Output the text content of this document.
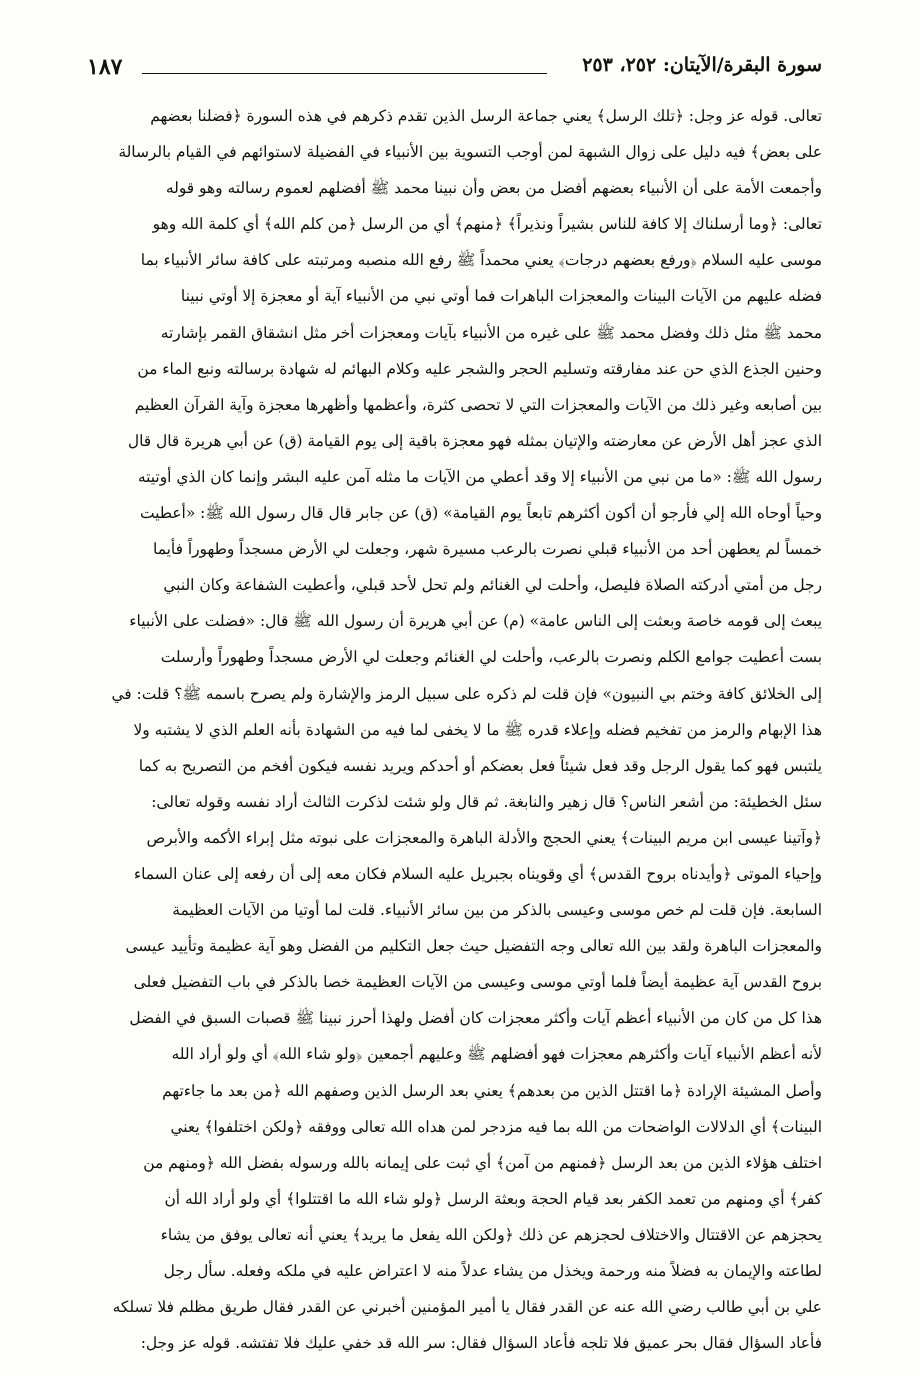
١٨٧	سورة البقرة/الآيتان: ٢٥٢، ٢٥٣
تعالى. قوله عز وجل: ﴿تلك الرسل﴾ يعني جماعة الرسل الذين تقدم ذكرهم في هذه السورة ﴿فضلنا بعضهم
على بعض﴾ فيه دليل على زوال الشبهة لمن أوجب التسوية بين الأنبياء في الفضيلة لاستوائهم في القيام بالرسالة
وأجمعت الأمة على أن الأنبياء بعضهم أفضل من بعض وأن نبينا محمد ﷺ أفضلهم لعموم رسالته وهو قوله
تعالى: ﴿وما أرسلناك إلا كافة للناس بشيراً ونذيراً﴾ ﴿منهم﴾ أي من الرسل ﴿من كلم الله﴾ أي كلمة الله وهو
موسى عليه السلام ﴿ورفع بعضهم درجات﴾ يعني محمداً ﷺ رفع الله منصبه ومرتبته على كافة سائر الأنبياء بما
فضله عليهم من الآيات البينات والمعجزات الباهرات فما أوتي نبي من الأنبياء آية أو معجزة إلا أوتي نبينا
محمد ﷺ مثل ذلك وفضل محمد ﷺ على غيره من الأنبياء بآيات ومعجزات أخر مثل انشقاق القمر بإشارته
وحنين الجذع الذي حن عند مفارقته وتسليم الحجر والشجر عليه وكلام البهائم له شهادة برسالته ونبع الماء من
بين أصابعه وغير ذلك من الآيات والمعجزات التي لا تحصى كثرة، وأعظمها وأظهرها معجزة وآية القرآن العظيم
الذي عجز أهل الأرض عن معارضته والإتيان بمثله فهو معجزة باقية إلى يوم القيامة (ق) عن أبي هريرة قال قال
رسول الله ﷺ: «ما من نبي من الأنبياء إلا وقد أعطي من الآيات ما مثله آمن عليه البشر وإنما كان الذي أوتيته
وحياً أوحاه الله إلي فأرجو أن أكون أكثرهم تابعاً يوم القيامة» (ق) عن جابر قال قال رسول الله ﷺ: «أعطيت
خمساً لم يعطهن أحد من الأنبياء قبلي نصرت بالرعب مسيرة شهر، وجعلت لي الأرض مسجداً وطهوراً فأيما
رجل من أمتي أدركته الصلاة فليصل، وأحلت لي الغنائم ولم تحل لأحد قبلي، وأعطيت الشفاعة وكان النبي
يبعث إلى قومه خاصة وبعثت إلى الناس عامة» (م) عن أبي هريرة أن رسول الله ﷺ قال: «فضلت على الأنبياء
بست أعطيت جوامع الكلم ونصرت بالرعب، وأحلت لي الغنائم وجعلت لي الأرض مسجداً وطهوراً وأرسلت
إلى الخلائق كافة وختم بي النبيون» فإن قلت لم ذكره على سبيل الرمز والإشارة ولم يصرح باسمه ﷺ؟ قلت: في
هذا الإبهام والرمز من تفخيم فضله وإعلاء قدره ﷺ ما لا يخفى لما فيه من الشهادة بأنه العلم الذي لا يشتبه ولا
يلتبس فهو كما يقول الرجل وقد فعل شيئاً فعل بعضكم أو أحدكم ويريد نفسه فيكون أفخم من التصريح به كما
سئل الخطيئة: من أشعر الناس؟ قال زهير والنابغة. ثم قال ولو شئت لذكرت الثالث أراد نفسه وقوله تعالى:
﴿وآتينا عيسى ابن مريم البينات﴾ يعني الحجج والأدلة الباهرة والمعجزات على نبوته مثل إبراء الأكمه والأبرص
وإحياء الموتى ﴿وأيدناه بروح القدس﴾ أي وقويناه بجبريل عليه السلام فكان معه إلى أن رفعه إلى عنان السماء
السابعة. فإن قلت لم خص موسى وعيسى بالذكر من بين سائر الأنبياء. قلت لما أوتيا من الآيات العظيمة
والمعجزات الباهرة ولقد بين الله تعالى وجه التفضيل حيث جعل التكليم من الفضل وهو آية عظيمة وتأييد عيسى
بروح القدس آية عظيمة أيضاً فلما أوتي موسى وعيسى من الآيات العظيمة خصا بالذكر في باب التفضيل فعلى
هذا كل من كان من الأنبياء أعظم آيات وأكثر معجزات كان أفضل ولهذا أحرز نبينا ﷺ قصبات السبق في الفضل
لأنه أعظم الأنبياء آيات وأكثرهم معجزات فهو أفضلهم ﷺ وعليهم أجمعين ﴿ولو شاء الله﴾ أي ولو أراد الله
وأصل المشيئة الإرادة ﴿ما اقتتل الذين من بعدهم﴾ يعني بعد الرسل الذين وصفهم الله ﴿من بعد ما جاءتهم
البينات﴾ أي الدلالات الواضحات من الله بما فيه مزدجر لمن هداه الله تعالى ووفقه ﴿ولكن اختلفوا﴾ يعني
اختلف هؤلاء الذين من بعد الرسل ﴿فمنهم من آمن﴾ أي ثبت على إيمانه بالله ورسوله بفضل الله ﴿ومنهم من
كفر﴾ أي ومنهم من تعمد الكفر بعد قيام الحجة وبعثة الرسل ﴿ولو شاء الله ما اقتتلوا﴾ أي ولو أراد الله أن
يحجزهم عن الاقتتال والاختلاف لحجزهم عن ذلك ﴿ولكن الله يفعل ما يريد﴾ يعني أنه تعالى يوفق من يشاء
لطاعته والإيمان به فضلاً منه ورحمة ويخذل من يشاء عدلاً منه لا اعتراض عليه في ملكه وفعله. سأل رجل
علي بن أبي طالب رضي الله عنه عن القدر فقال يا أمير المؤمنين أخبرني عن القدر فقال طريق مظلم فلا تسلكه
فأعاد السؤال فقال بحر عميق فلا تلجه فأعاد السؤال فقال: سر الله قد خفي عليك فلا تفتشه. قوله عز وجل:
